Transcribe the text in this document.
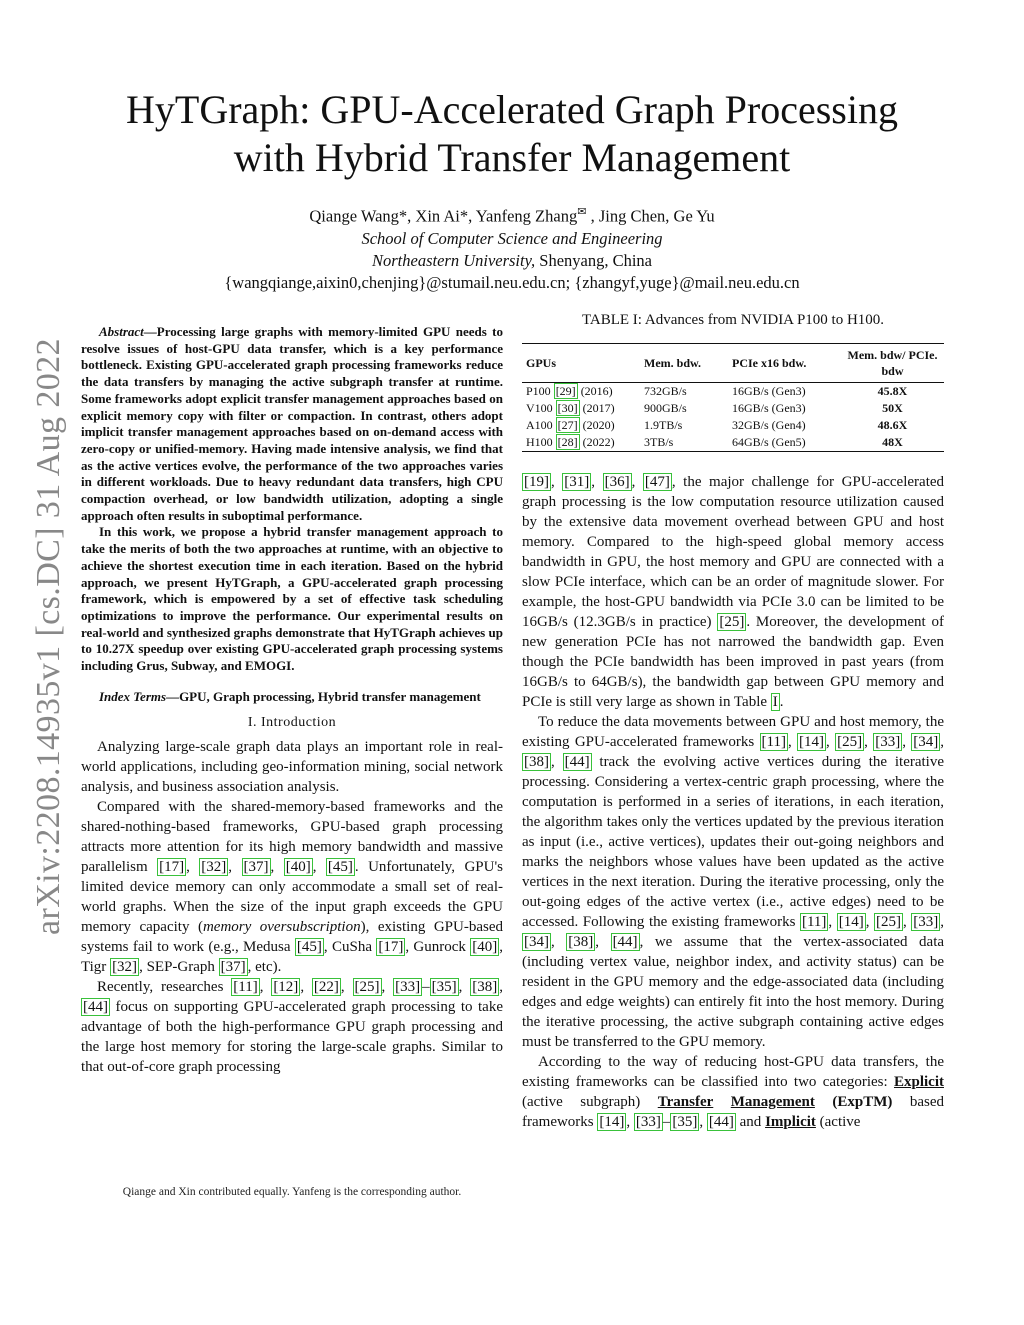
arXiv:2208.14935v1 [cs.DC] 31 Aug 2022
HyTGraph: GPU-Accelerated Graph Processing
with Hybrid Transfer Management
Qiange Wang*, Xin Ai*, Yanfeng Zhang✉ , Jing Chen, Ge Yu
School of Computer Science and Engineering
Northeastern University, Shenyang, China
{wangqiange,aixin0,chenjing}@stumail.neu.edu.cn; {zhangyf,yuge}@mail.neu.edu.cn

Abstract—Processing large graphs with memory-limited GPU needs to resolve issues of host-GPU data transfer, which is a key performance bottleneck. Existing GPU-accelerated graph processing frameworks reduce the data transfers by managing the active subgraph transfer at runtime. Some frameworks adopt explicit transfer management approaches based on explicit memory copy with filter or compaction. In contrast, others adopt implicit transfer management approaches based on on-demand access with zero-copy or unified-memory. Having made intensive analysis, we find that as the active vertices evolve, the performance of the two approaches varies in different workloads. Due to heavy redundant data transfers, high CPU compaction overhead, or low bandwidth utilization, adopting a single approach often results in suboptimal performance.

In this work, we propose a hybrid transfer management approach to take the merits of both the two approaches at runtime, with an objective to achieve the shortest execution time in each iteration. Based on the hybrid approach, we present HyTGraph, a GPU-accelerated graph processing framework, which is empowered by a set of effective task scheduling optimizations to improve the performance. Our experimental results on real-world and synthesized graphs demonstrate that HyTGraph achieves up to 10.27X speedup over existing GPU-accelerated graph processing systems including Grus, Subway, and EMOGI.

Index Terms—GPU, Graph processing, Hybrid transfer management

I. Introduction

Analyzing large-scale graph data plays an important role in real-world applications, including geo-information mining, social network analysis, and business association analysis.

Compared with the shared-memory-based frameworks and the shared-nothing-based frameworks, GPU-based graph processing attracts more attention for its high memory bandwidth and massive parallelism [17] , [32] , [37] , [40] , [45] . Unfortunately, GPU's limited device memory can only accommodate a small set of real-world graphs. When the size of the input graph exceeds the GPU memory capacity (memory oversubscription), existing GPU-based systems fail to work (e.g., Medusa [45] , CuSha [17] , Gunrock [40] , Tigr [32] , SEP-Graph [37] , etc).

Recently, researches [11] , [12] , [22] , [25] , [33] – [35] , [38] , [44] focus on supporting GPU-accelerated graph processing to take advantage of both the high-performance GPU graph processing and the large host memory for storing the large-scale graphs. Similar to that out-of-core graph processing

Qiange and Xin contributed equally. Yanfeng is the corresponding author.
TABLE I: Advances from NVIDIA P100 to H100.
GPUs	Mem. bdw.	PCIe x16 bdw.	Mem. bdw/ PCIe. bdw
P100 [29] (2016)	732GB/s	16GB/s (Gen3)	45.8X
V100 [30] (2017)	900GB/s	16GB/s (Gen3)	50X
A100 [27] (2020)	1.9TB/s	32GB/s (Gen4)	48.6X
H100 [28] (2022)	3TB/s	64GB/s (Gen5)	48X

[19] , [31] , [36] , [47] , the major challenge for GPU-accelerated graph processing is the low computation resource utilization caused by the extensive data movement overhead between GPU and host memory. Compared to the high-speed global memory access bandwidth in GPU, the host memory and GPU are connected with a slow PCIe interface, which can be an order of magnitude slower. For example, the host-GPU bandwidth via PCIe 3.0 can be limited to be 16GB/s (12.3GB/s in practice) [25] . Moreover, the development of new generation PCIe has not narrowed the bandwidth gap. Even though the PCIe bandwidth has been improved in past years (from 16GB/s to 64GB/s), the bandwidth gap between GPU memory and PCIe is still very large as shown in Table I .

To reduce the data movements between GPU and host memory, the existing GPU-accelerated frameworks [11] , [14] , [25] , [33] , [34] , [38] , [44] track the evolving active vertices during the iterative processing. Considering a vertex-centric graph processing, where the computation is performed in a series of iterations, in each iteration, the algorithm takes only the vertices updated by the previous iteration as input (i.e., active vertices), updates their out-going neighbors and marks the neighbors whose values have been updated as the active vertices in the next iteration. During the iterative processing, only the out-going edges of the active vertex (i.e., active edges) need to be accessed. Following the existing frameworks [11] , [14] , [25] , [33] , [34] , [38] , [44] , we assume that the vertex-associated data (including vertex value, neighbor index, and activity status) can be resident in the GPU memory and the edge-associated data (including edges and edge weights) can entirely fit into the host memory. During the iterative processing, the active subgraph containing active edges must be transferred to the GPU memory.

According to the way of reducing host-GPU data transfers, the existing frameworks can be classified into two categories: Explicit (active subgraph) Transfer Management (ExpTM) based frameworks [14] , [33] – [35] , [44] and Implicit (active
